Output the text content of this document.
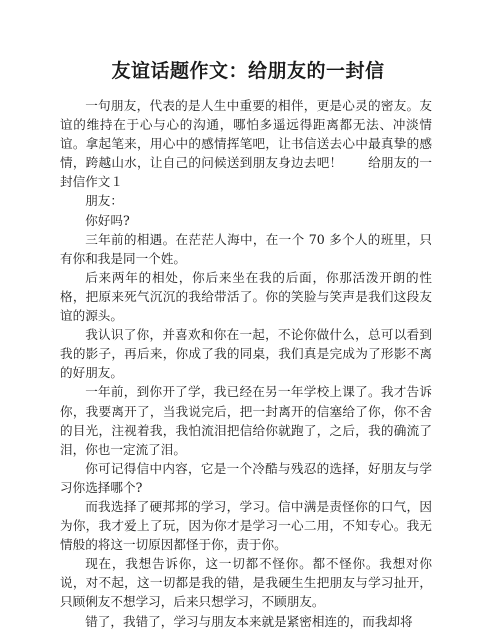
友谊话题作文：给朋友的一封信

一句朋友，代表的是人生中重要的相伴，更是心灵的密友。友谊的维持在于心与心的沟通，哪怕多遥远得距离都无法、冲淡情谊。拿起笔来，用心中的感情挥笔吧，让书信送去心中最真挚的感情，跨越山水，让自己的问候送到朋友身边去吧！　　给朋友的一封信作文１

朋友：

你好吗?

三年前的相遇。在茫茫人海中，在一个 70 多个人的班里，只有你和我是同一个姓。

后来两年的相处，你后来坐在我的后面，你那活泼开朗的性格，把原来死气沉沉的我给带活了。你的笑脸与笑声是我们这段友谊的源头。

我认识了你，并喜欢和你在一起，不论你做什么，总可以看到我的影子，再后来，你成了我的同桌，我们真是完成为了形影不离的好朋友。

一年前，到你开了学，我已经在另一年学校上课了。我才告诉你，我要离开了，当我说完后，把一封离开的信塞给了你，你不舍的目光，注视着我，我怕流泪把信给你就跑了，之后，我的确流了泪，你也一定流了泪。

你可记得信中内容，它是一个冷酷与残忍的选择，好朋友与学习你选择哪个?

而我选择了硬邦邦的学习，学习。信中满是责怪你的口气，因为你，我才爱上了玩，因为你才是学习一心二用，不知专心。我无情般的将这一切原因都怪于你，责于你。

现在，我想告诉你，这一切都不怪你。都不怪你。我想对你说，对不起，这一切都是我的错，是我硬生生把朋友与学习扯开，只顾俐友不想学习，后来只想学习，不顾朋友。

错了，我错了，学习与朋友本来就是紧密相连的，而我却将
